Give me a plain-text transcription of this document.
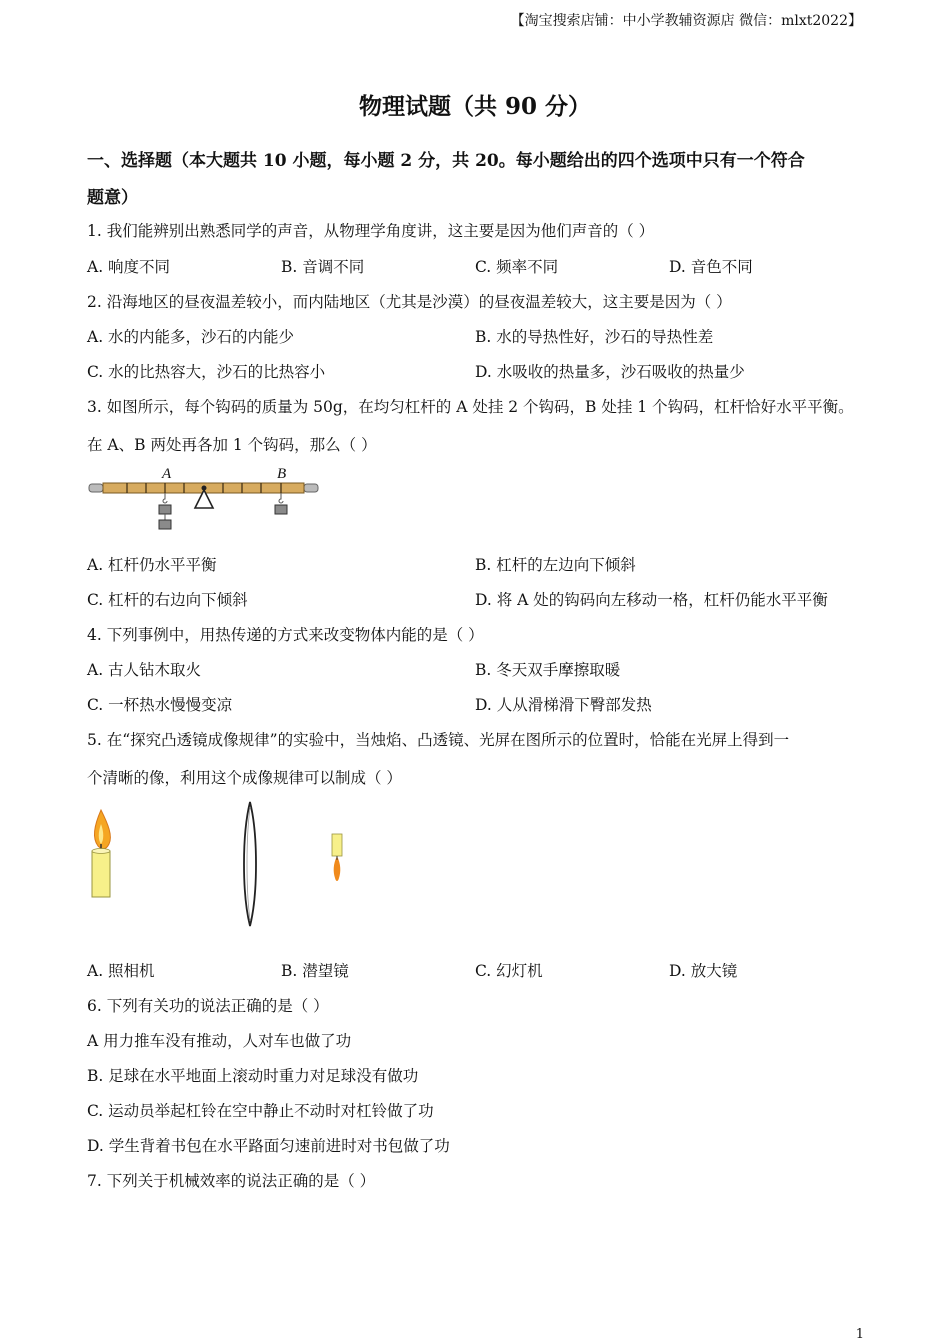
【淘宝搜索店铺：中小学教辅资源店 微信：mlxt2022】
物理试题（共 90 分）
一、选择题（本大题共 10 小题，每小题 2 分，共 20。每小题给出的四个选项中只有一个符合
题意）
1. 我们能辨别出熟悉同学的声音，从物理学角度讲，这主要是因为他们声音的（ ）
A. 响度不同	B. 音调不同	C. 频率不同	D. 音色不同
2. 沿海地区的昼夜温差较小，而内陆地区（尤其是沙漠）的昼夜温差较大，这主要是因为（ ）
A. 水的内能多，沙石的内能少	B. 水的导热性好，沙石的导热性差
C. 水的比热容大，沙石的比热容小	D. 水吸收的热量多，沙石吸收的热量少
3. 如图所示，每个钩码的质量为 50g，在均匀杠杆的 A 处挂 2 个钩码，B 处挂 1 个钩码，杠杆恰好水平平衡。
在 A、B 两处再各加 1 个钩码，那么（ ）
A	B
A. 杠杆仍水平平衡	B. 杠杆的左边向下倾斜
C. 杠杆的右边向下倾斜	D. 将 A 处的钩码向左移动一格，杠杆仍能水平平衡
4. 下列事例中，用热传递的方式来改变物体内能的是（ ）
A. 古人钻木取火	B. 冬天双手摩擦取暖
C. 一杯热水慢慢变凉	D. 人从滑梯滑下臀部发热
5. 在“探究凸透镜成像规律”的实验中，当烛焰、凸透镜、光屏在图所示的位置时，恰能在光屏上得到一
个清晰的像，利用这个成像规律可以制成（ ）
A. 照相机	B. 潜望镜	C. 幻灯机	D. 放大镜
6. 下列有关功的说法正确的是（ ）
A 用力推车没有推动，人对车也做了功
B. 足球在水平地面上滚动时重力对足球没有做功
C. 运动员举起杠铃在空中静止不动时对杠铃做了功
D. 学生背着书包在水平路面匀速前进时对书包做了功
7. 下列关于机械效率的说法正确的是（ ）
1
